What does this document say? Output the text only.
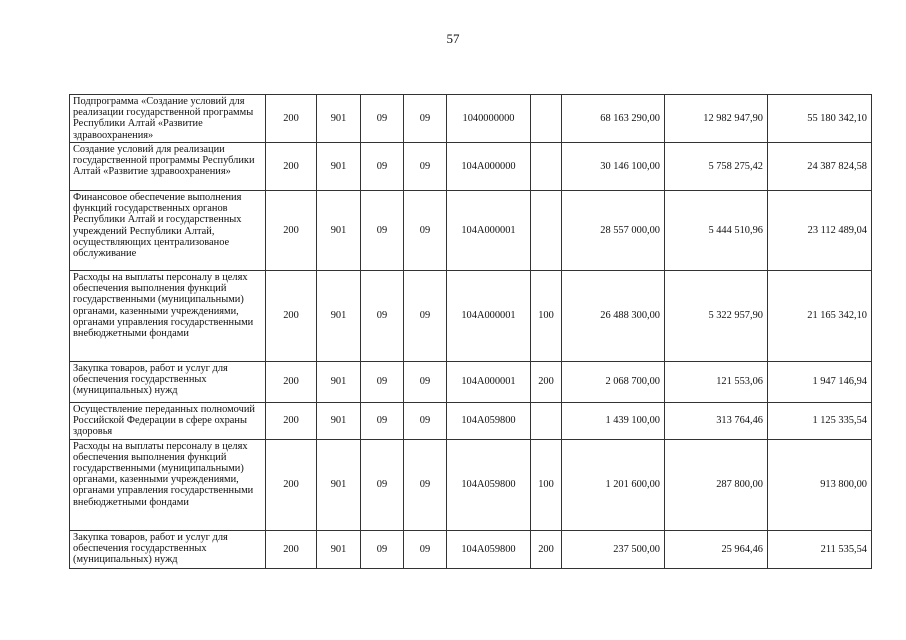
57
Подпрограмма «Создание условий для реализации государственной программы Республики Алтай «Развитие здравоохранения»	200	901	09	09	1040000000		68 163 290,00	12 982 947,90	55 180 342,10
Создание условий для реализации государственной программы Республики Алтай «Развитие здравоохранения»	200	901	09	09	104А000000		30 146 100,00	5 758 275,42	24 387 824,58
Финансовое обеспечение выполнения функций государственных органов Республики Алтай и государственных учреждений Республики Алтай, осуществляющих централизованое обслуживание	200	901	09	09	104А000001		28 557 000,00	5 444 510,96	23 112 489,04
Расходы на выплаты персоналу в целях обеспечения выполнения функций государственными (муниципальными) органами, казенными учреждениями, органами управления государственными внебюджетными фондами	200	901	09	09	104А000001	100	26 488 300,00	5 322 957,90	21 165 342,10
Закупка товаров, работ и услуг для обеспечения государственных (муниципальных) нужд	200	901	09	09	104А000001	200	2 068 700,00	121 553,06	1 947 146,94
Осуществление переданных полномочий Российской Федерации в сфере охраны здоровья	200	901	09	09	104А059800		1 439 100,00	313 764,46	1 125 335,54
Расходы на выплаты персоналу в целях обеспечения выполнения функций государственными (муниципальными) органами, казенными учреждениями, органами управления государственными внебюджетными фондами	200	901	09	09	104А059800	100	1 201 600,00	287 800,00	913 800,00
Закупка товаров, работ и услуг для обеспечения государственных (муниципальных) нужд	200	901	09	09	104А059800	200	237 500,00	25 964,46	211 535,54
